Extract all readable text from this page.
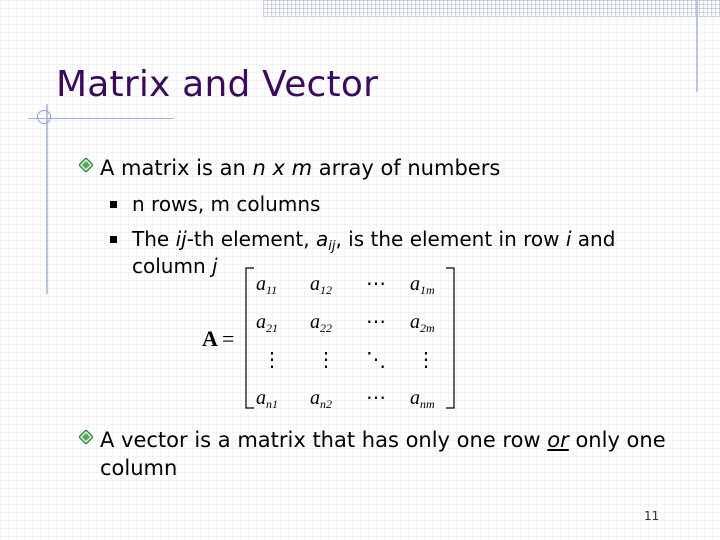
Matrix and Vector
A matrix is an n x m array of numbers
n rows, m columns
The ij-th element, $a_{ij}$, is the element in row i and
column j
A =
$a_{11}$ $a_{12}$ ⋯ $a_{1m}$
$a_{21}$ $a_{22}$ ⋯ $a_{2m}$
⋮ ⋮ ⋱ ⋮
$a_{n1}$ $a_{n2}$ ⋯ $a_{nm}$
A vector is a matrix that has only one row or only one
column
11
